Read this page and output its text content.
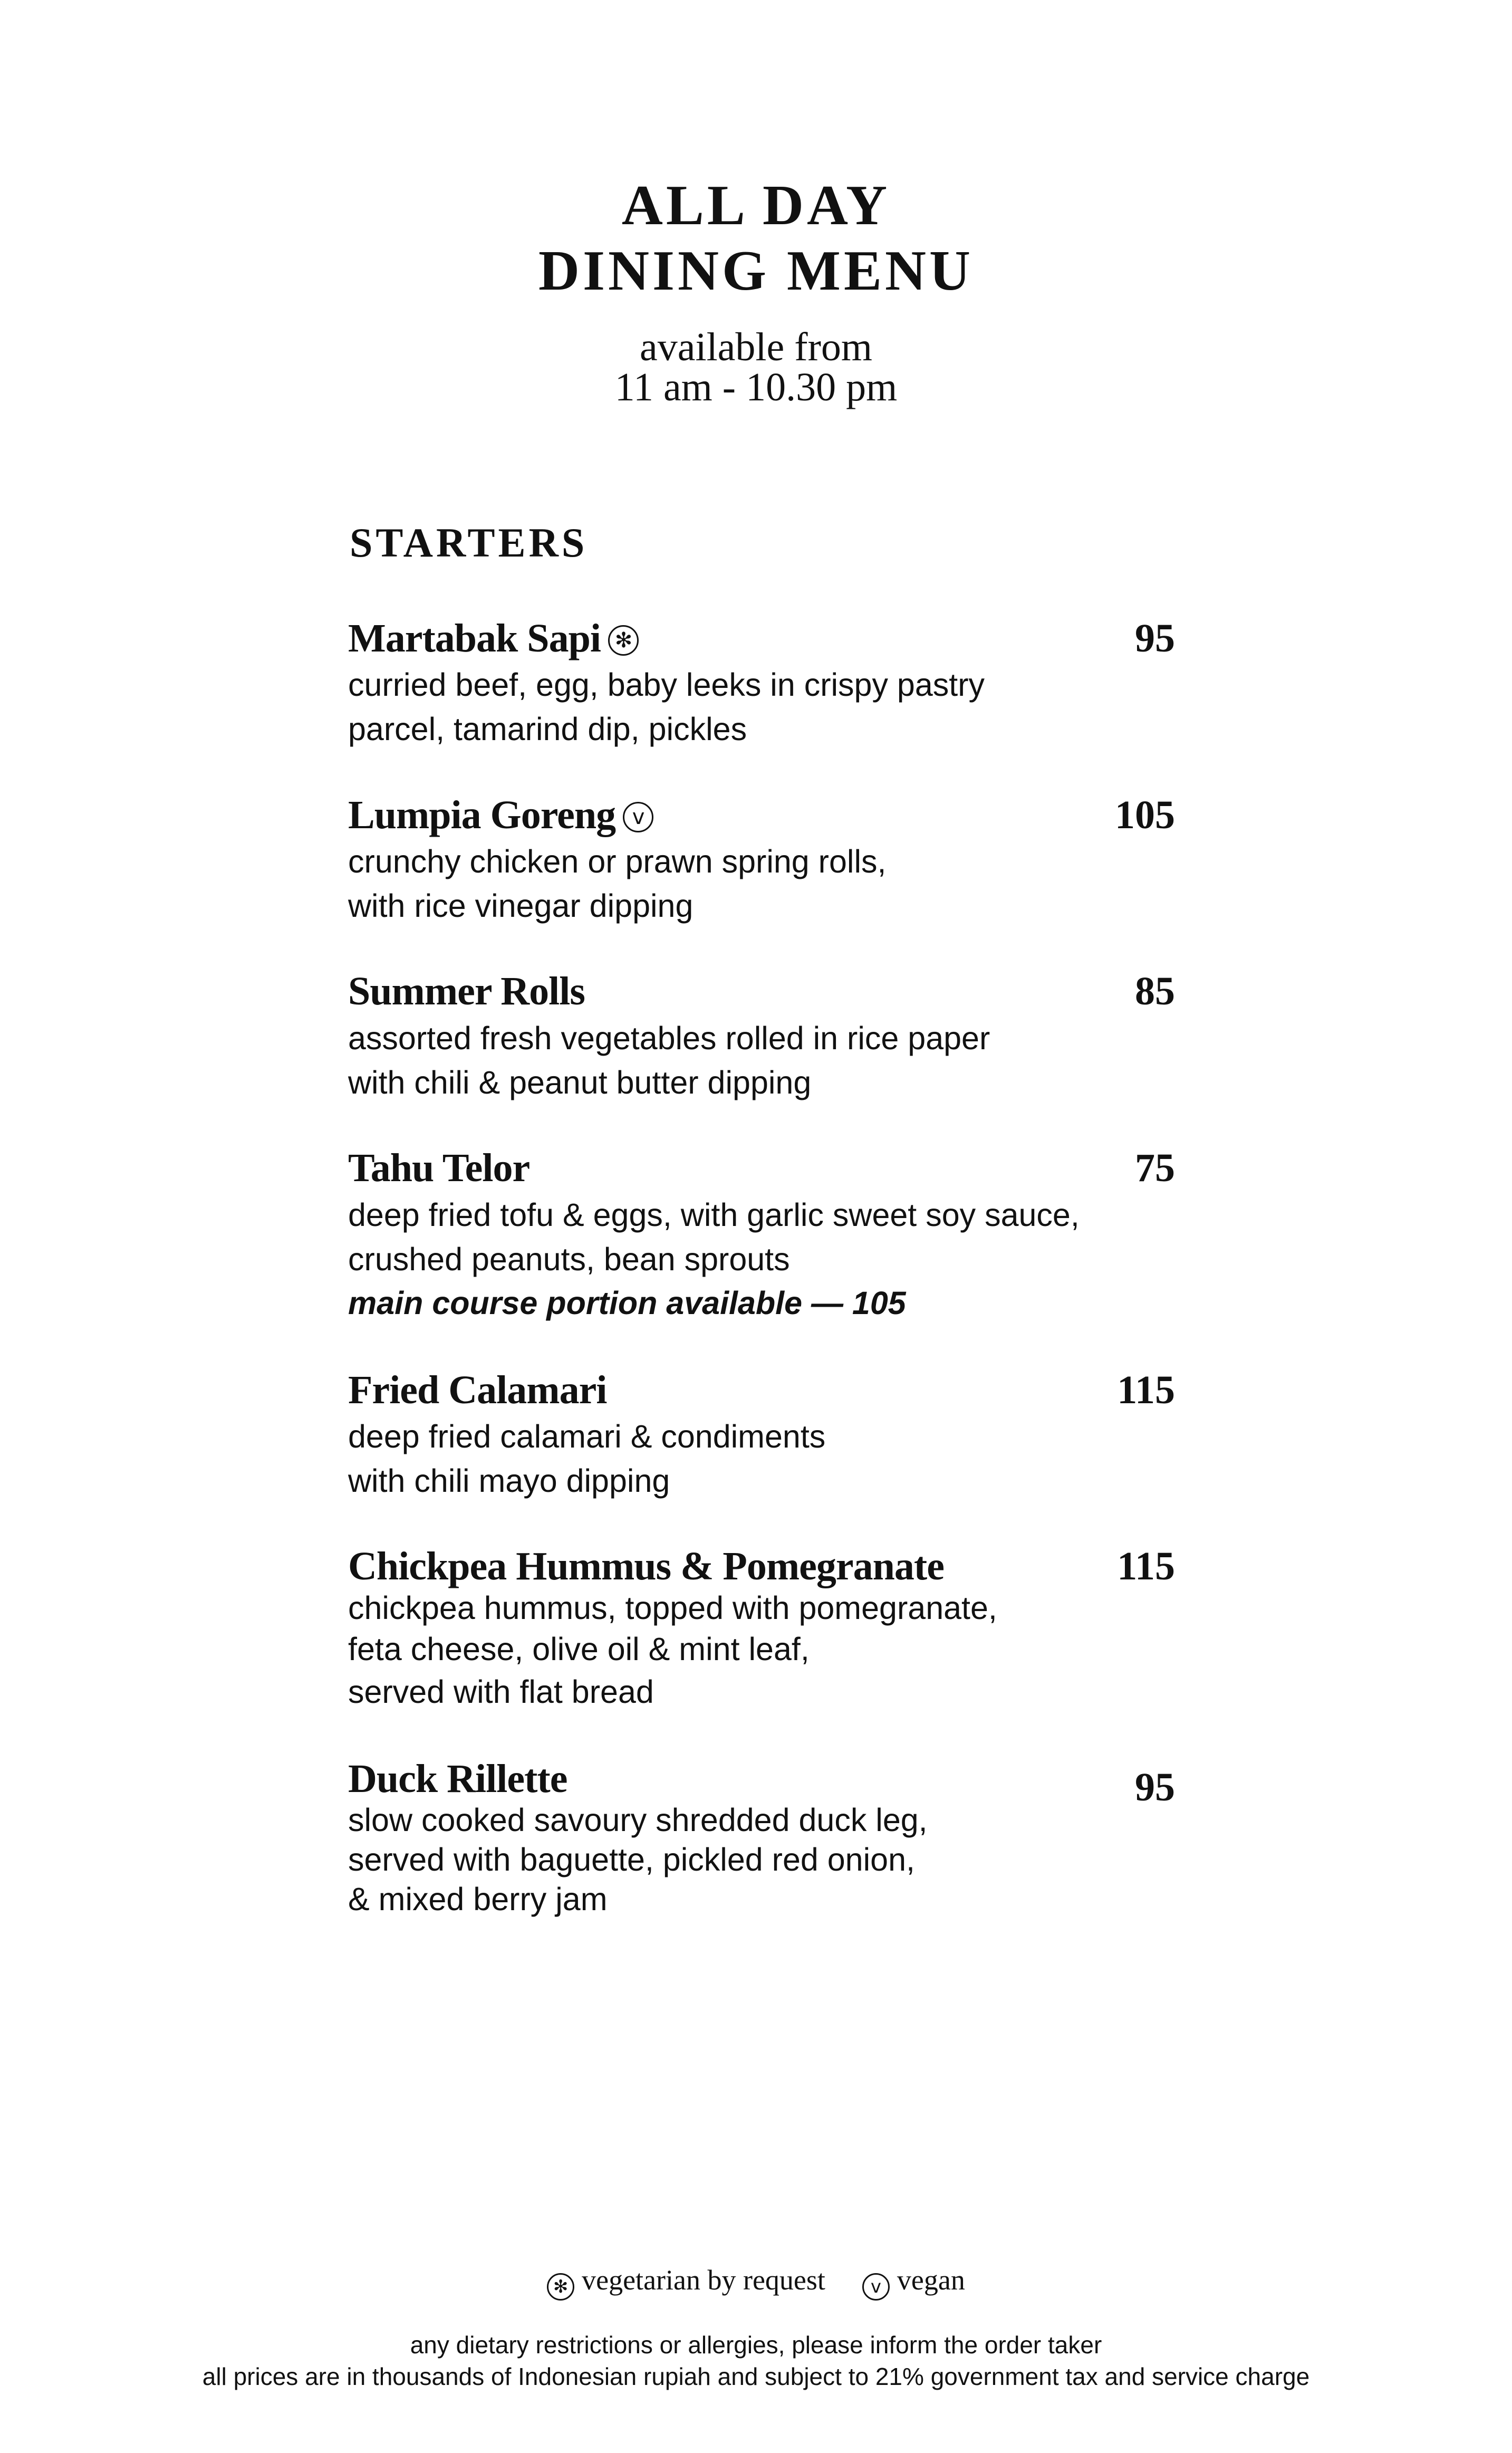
ALL DAY
DINING MENU
available from
11 am - 10.30 pm
STARTERS
Martabak Sapi ✻	95
curried beef, egg, baby leeks in crispy pastry
parcel, tamarind dip, pickles
Lumpia Goreng v	105
crunchy chicken or prawn spring rolls,
with rice vinegar dipping
Summer Rolls	85
assorted fresh vegetables rolled in rice paper
with chili & peanut butter dipping
Tahu Telor	75
deep fried tofu & eggs, with garlic sweet soy sauce,
crushed peanuts, bean sprouts
main course portion available — 105
Fried Calamari	115
deep fried calamari & condiments
with chili mayo dipping
Chickpea Hummus & Pomegranate	115
chickpea hummus, topped with pomegranate,
feta cheese, olive oil & mint leaf,
served with flat bread
Duck Rillette	95
slow cooked savoury shredded duck leg,
served with baguette, pickled red onion,
& mixed berry jam
✻ vegetarian by request	v vegan
any dietary restrictions or allergies, please inform the order taker
all prices are in thousands of Indonesian rupiah and subject to 21% government tax and service charge
